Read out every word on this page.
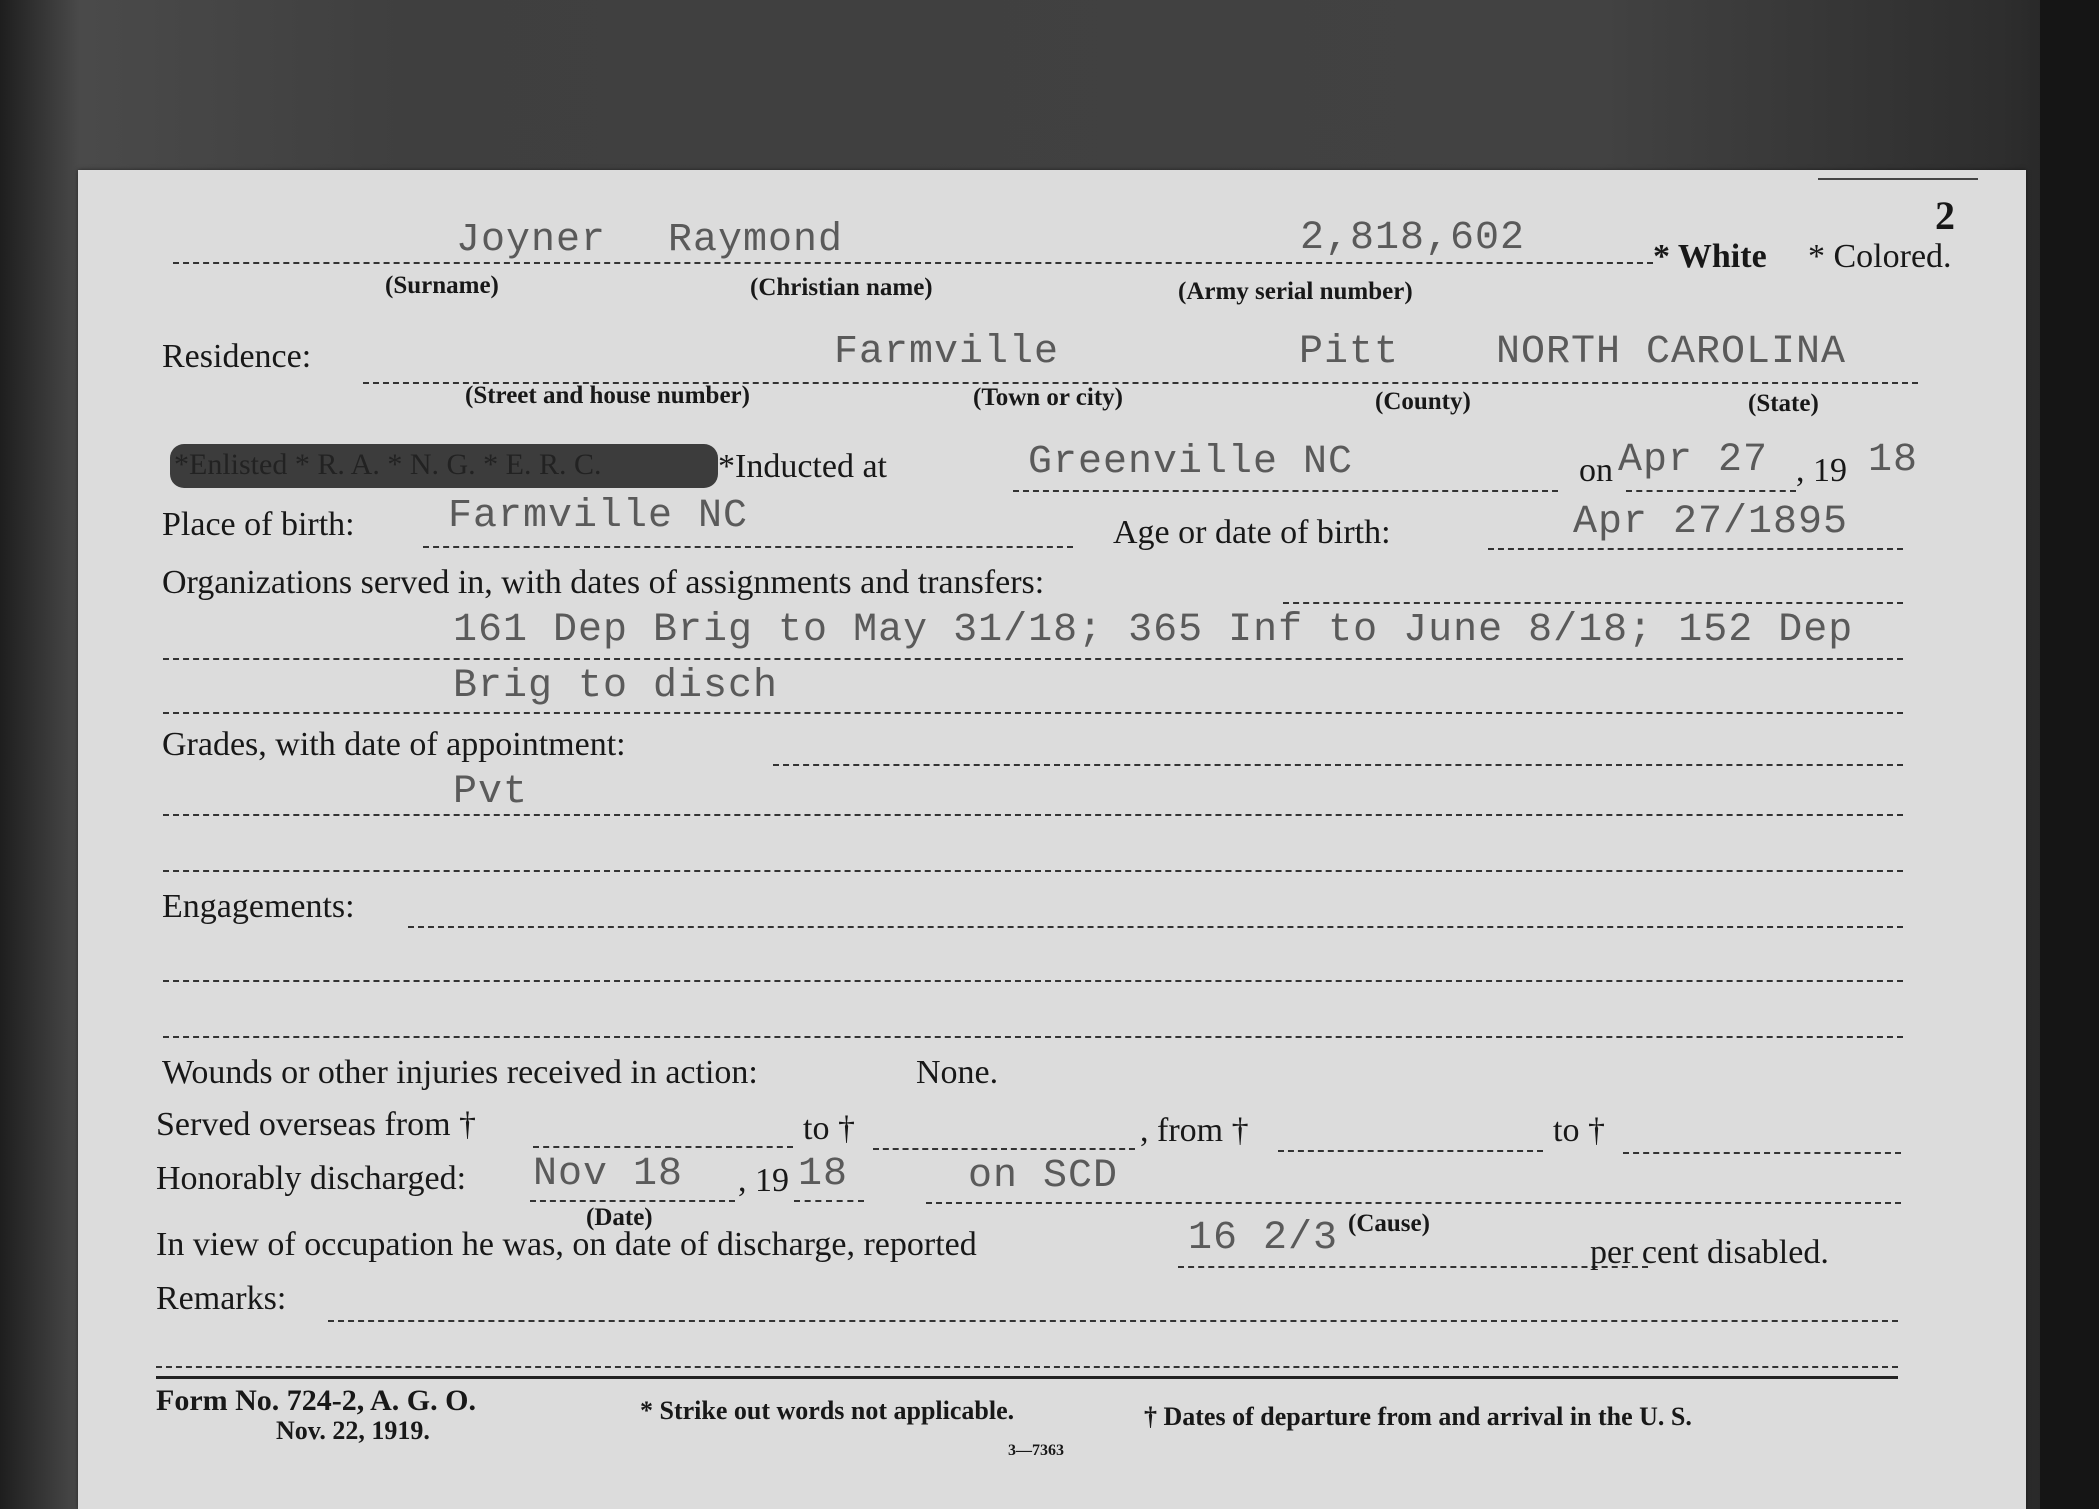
2
Joyner Raymond	2,818,602	* White * Colored.
(Surname)	(Christian name)	(Army serial number)
Residence:	Farmville	Pitt NORTH CAROLINA
(Street and house number)	(Town or city)	(County)	(State)
*Enlisted * R. A. * N. G. * E. R. C.	*Inducted at	Greenville NC	on Apr 27 , 19 18
Place of birth: Farmville NC	Age or date of birth:	Apr 27/1895
Organizations served in, with dates of assignments and transfers:
161 Dep Brig to May 31/18; 365 Inf to June 8/18; 152 Dep
Brig to disch
Grades, with date of appointment:
Pvt
Engagements:
Wounds or other injuries received in action:	None.
Served overseas from †	to †	, from †	to †
Honorably discharged: Nov 18 , 19 18	on SCD
(Date)	(Cause)
In view of occupation he was, on date of discharge, reported	16 2/3	per cent disabled.
Remarks:
Form No. 724-2, A. G. O.
Nov. 22, 1919.
* Strike out words not applicable.	† Dates of departure from and arrival in the U. S.
3—7363
